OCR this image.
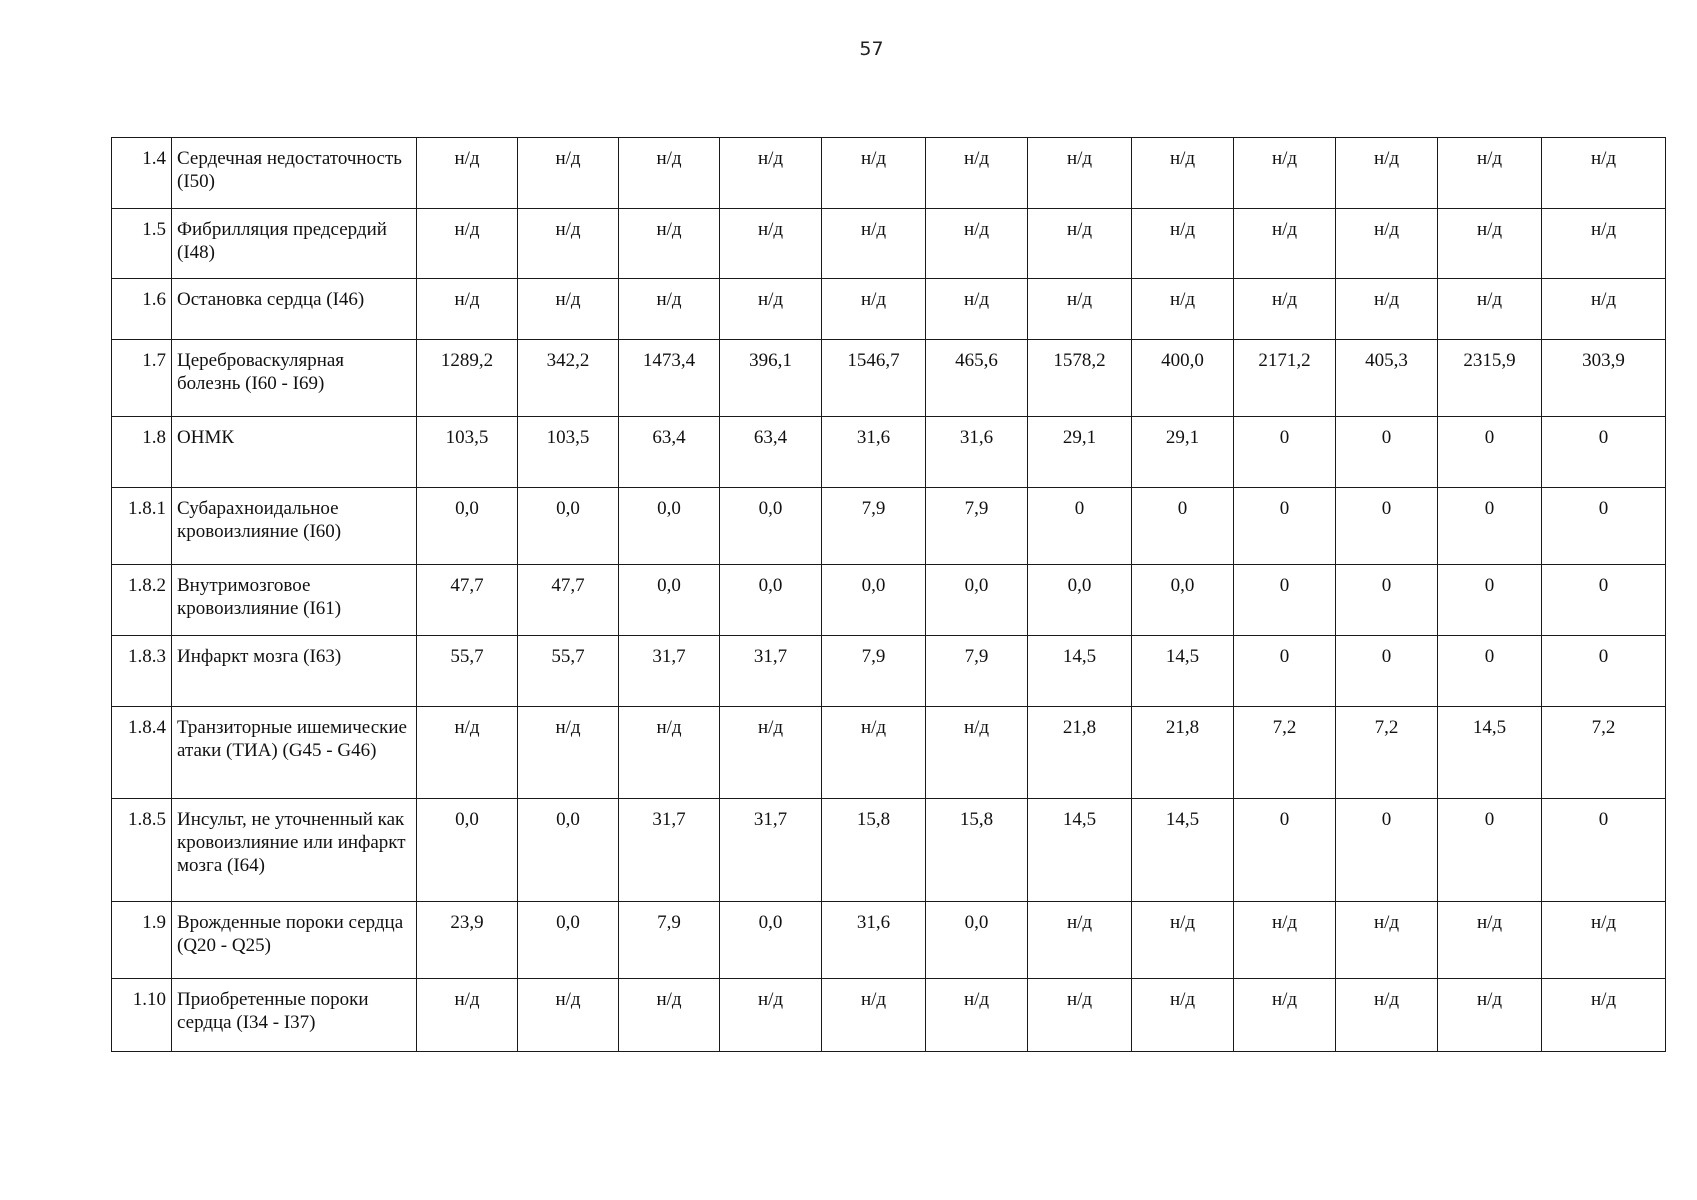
57
1.4	Сердечная недостаточность (I50)	н/д	н/д	н/д	н/д	н/д	н/д	н/д	н/д	н/д	н/д	н/д	н/д
1.5	Фибрилляция предсердий (I48)	н/д	н/д	н/д	н/д	н/д	н/д	н/д	н/д	н/д	н/д	н/д	н/д
1.6	Остановка сердца (I46)	н/д	н/д	н/д	н/д	н/д	н/д	н/д	н/д	н/д	н/д	н/д	н/д
1.7	Цереброваскулярная болезнь (I60 - I69)	1289,2	342,2	1473,4	396,1	1546,7	465,6	1578,2	400,0	2171,2	405,3	2315,9	303,9
1.8	ОНМК	103,5	103,5	63,4	63,4	31,6	31,6	29,1	29,1	0	0	0	0
1.8.1	Субарахноидальное кровоизлияние (I60)	0,0	0,0	0,0	0,0	7,9	7,9	0	0	0	0	0	0
1.8.2	Внутримозговое кровоизлияние (I61)	47,7	47,7	0,0	0,0	0,0	0,0	0,0	0,0	0	0	0	0
1.8.3	Инфаркт мозга (I63)	55,7	55,7	31,7	31,7	7,9	7,9	14,5	14,5	0	0	0	0
1.8.4	Транзиторные ишемические атаки (ТИА) (G45 - G46)	н/д	н/д	н/д	н/д	н/д	н/д	21,8	21,8	7,2	7,2	14,5	7,2
1.8.5	Инсульт, не уточненный как кровоизлияние или инфаркт мозга (I64)	0,0	0,0	31,7	31,7	15,8	15,8	14,5	14,5	0	0	0	0
1.9	Врожденные пороки сердца (Q20 - Q25)	23,9	0,0	7,9	0,0	31,6	0,0	н/д	н/д	н/д	н/д	н/д	н/д
1.10	Приобретенные пороки сердца (I34 - I37)	н/д	н/д	н/д	н/д	н/д	н/д	н/д	н/д	н/д	н/д	н/д	н/д
